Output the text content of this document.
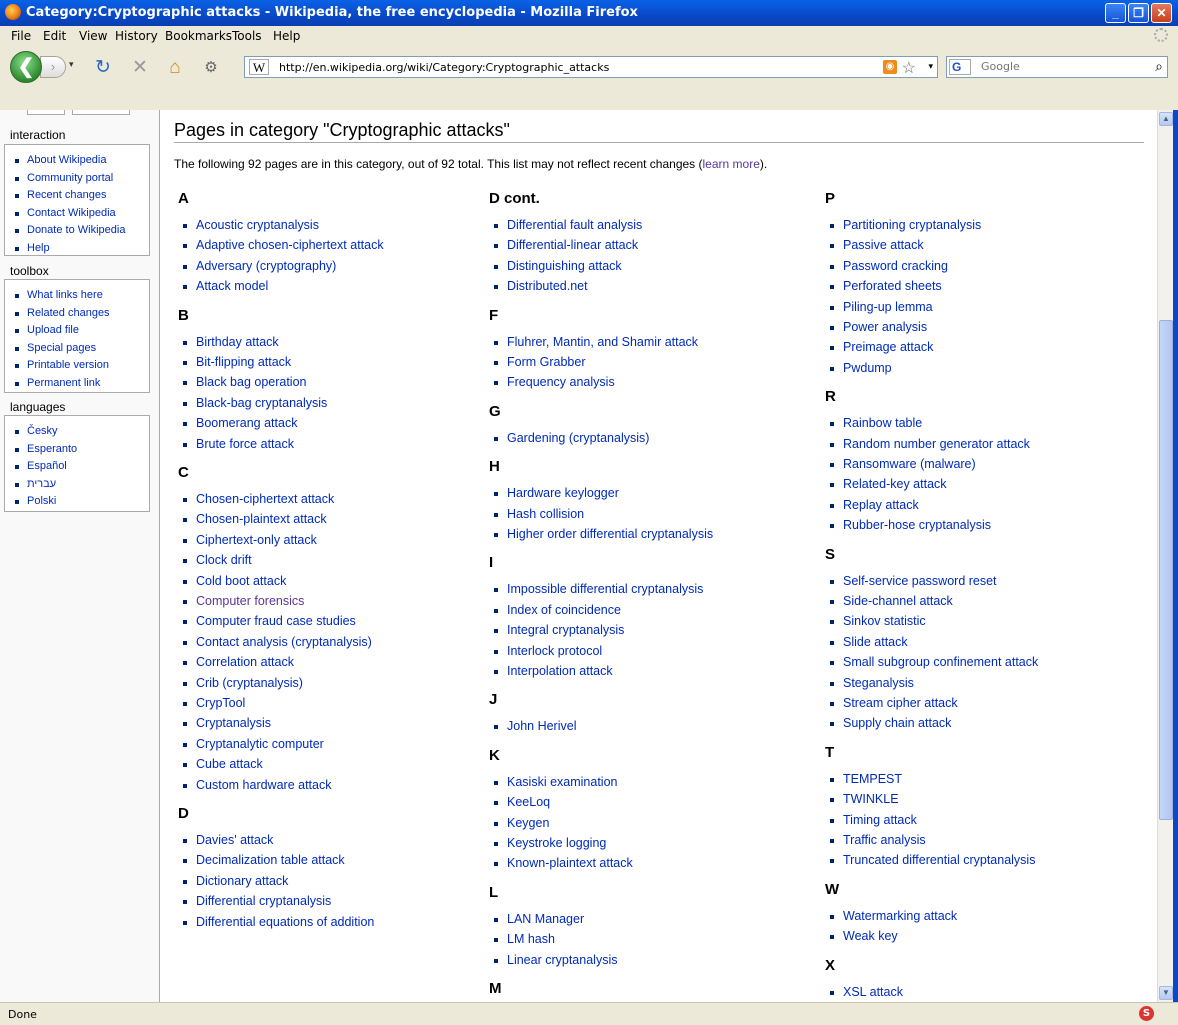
Category:Cryptographic attacks - Wikipedia, the free encyclopedia - Mozilla Firefox	_	❐	✕
File Edit View History Bookmarks Tools Help
›
❮	▾ ↻ ✕ ⌂	⚙	W	http://en.wikipedia.org/wiki/Category:Cryptographic_attacks	◉ ☆ ▾ G
Google	⌕
interaction
About Wikipedia
Community portal
Recent changes
Contact Wikipedia
Donate to Wikipedia
Help
toolbox
What links here
Related changes
Upload file
Special pages
Printable version
Permanent link
languages
Česky
Esperanto
Español
עברית
Polski
Pages in category "Cryptographic attacks"
The following 92 pages are in this category, out of 92 total. This list may not reflect recent changes (learn more).
A
Acoustic cryptanalysis
Adaptive chosen-ciphertext attack
Adversary (cryptography)
Attack model
B
Birthday attack
Bit-flipping attack
Black bag operation
Black-bag cryptanalysis
Boomerang attack
Brute force attack
C
Chosen-ciphertext attack
Chosen-plaintext attack
Ciphertext-only attack
Clock drift
Cold boot attack
Computer forensics
Computer fraud case studies
Contact analysis (cryptanalysis)
Correlation attack
Crib (cryptanalysis)
CrypTool
Cryptanalysis
Cryptanalytic computer
Cube attack
Custom hardware attack
D
Davies' attack
Decimalization table attack
Dictionary attack
Differential cryptanalysis
Differential equations of addition
D cont.
Differential fault analysis
Differential-linear attack
Distinguishing attack
Distributed.net
F
Fluhrer, Mantin, and Shamir attack
Form Grabber
Frequency analysis
G
Gardening (cryptanalysis)
H
Hardware keylogger
Hash collision
Higher order differential cryptanalysis
I
Impossible differential cryptanalysis
Index of coincidence
Integral cryptanalysis
Interlock protocol
Interpolation attack
J
John Herivel
K
Kasiski examination
KeeLoq
Keygen
Keystroke logging
Known-plaintext attack
L
LAN Manager
LM hash
Linear cryptanalysis
M
P
Partitioning cryptanalysis
Passive attack
Password cracking
Perforated sheets
Piling-up lemma
Power analysis
Preimage attack
Pwdump
R
Rainbow table
Random number generator attack
Ransomware (malware)
Related-key attack
Replay attack
Rubber-hose cryptanalysis
S
Self-service password reset
Side-channel attack
Sinkov statistic
Slide attack
Small subgroup confinement attack
Steganalysis
Stream cipher attack
Supply chain attack
T
TEMPEST
TWINKLE
Timing attack
Traffic analysis
Truncated differential cryptanalysis
W
Watermarking attack
Weak key
X
XSL attack
▲
▼
Done	S
